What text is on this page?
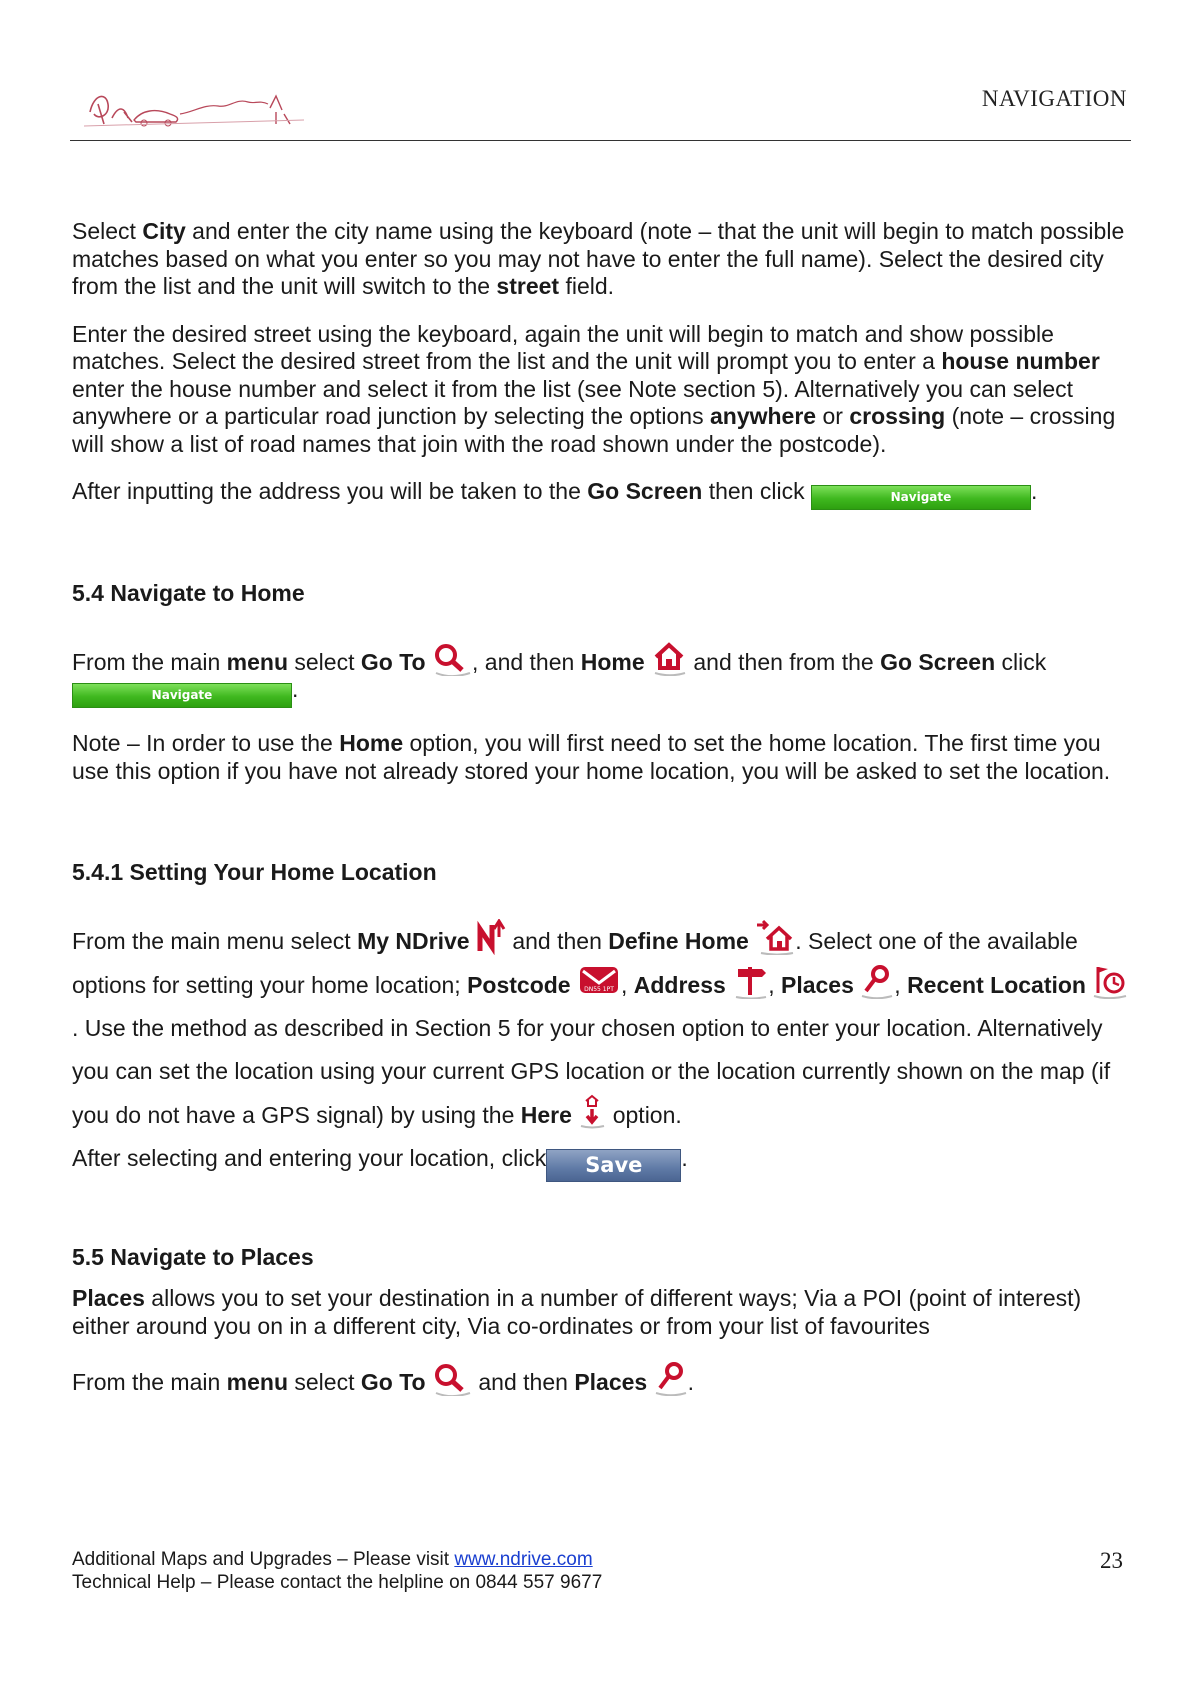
NAVIGATION

Select City and enter the city name using the keyboard (note – that the unit will begin to match possible matches based on what you enter so you may not have to enter the full name). Select the desired city from the list and the unit will switch to the street field.

Enter the desired street using the keyboard, again the unit will begin to match and show possible matches. Select the desired street from the list and the unit will prompt you to enter a house number enter the house number and select it from the list (see Note section 5). Alternatively you can select anywhere or a particular road junction by selecting the options anywhere or crossing (note – crossing will show a list of road names that join with the road shown under the postcode).

After inputting the address you will be taken to the Go Screen then click	Navigate	.

5.4 Navigate to Home

From the main menu select Go To , and then Home  and then from the Go Screen click
Navigate	.

Note – In order to use the Home option, you will first need to set the home location. The first time you use this option if you have not already stored your home location, you will be asked to set the location.

5.4.1 Setting Your Home Location

From the main menu select My NDrive  and then Define Home . Select one of the available options for setting your home location; Postcode DN55 1PT , Address , Places , Recent Location . Use the method as described in Section 5 for your chosen option to enter your location. Alternatively you can set the location using your current GPS location or the location currently shown on the map (if you do not have a GPS signal) by using the Here  option.

After selecting and entering your location, click Save .

5.5 Navigate to Places

Places allows you to set your destination in a number of different ways; Via a POI (point of interest) either around you on in a different city, Via co-ordinates or from your list of favourites

From the main menu select Go To  and then Places .

Additional Maps and Upgrades – Please visit www.ndrive.com
Technical Help – Please contact the helpline on 0844 557 9677
23
